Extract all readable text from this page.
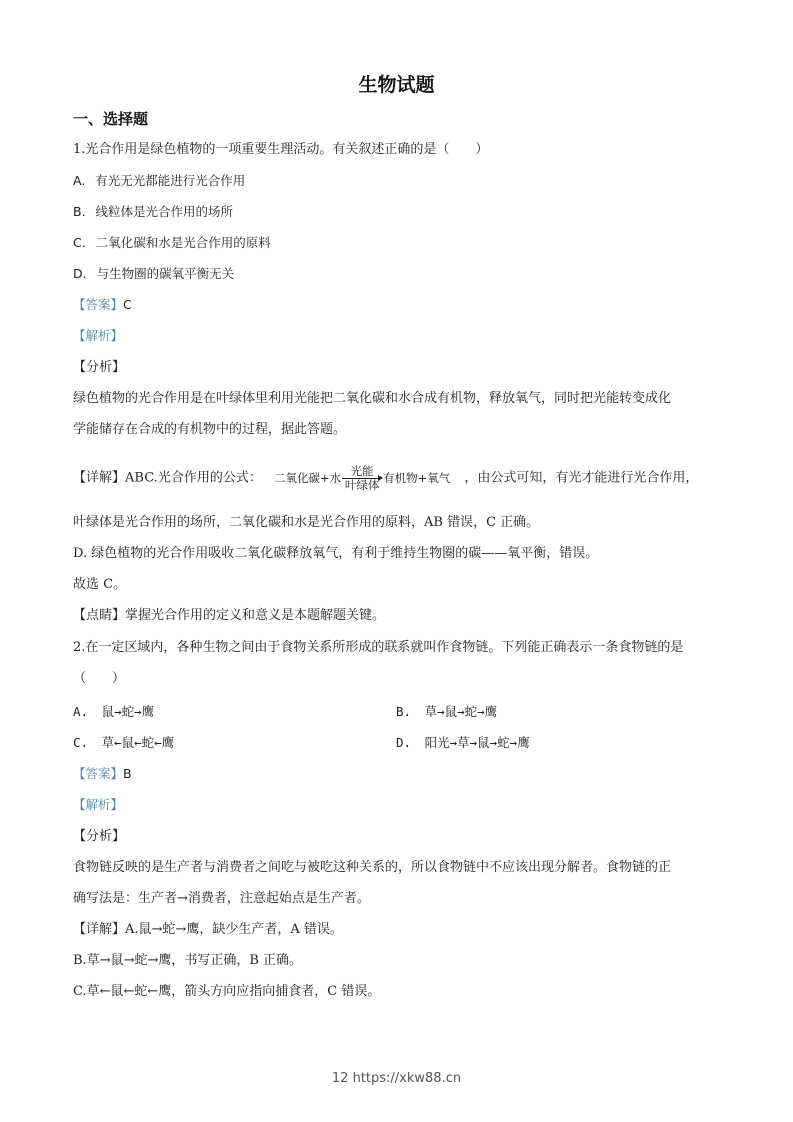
生物试题
一、选择题
1.光合作用是绿色植物的一项重要生理活动。有关叙述正确的是（　　）
A. 有光无光都能进行光合作用
B. 线粒体是光合作用的场所
C. 二氧化碳和水是光合作用的原料
D. 与生物圈的碳氧平衡无关
【答案】C
【解析】
【分析】
绿色植物的光合作用是在叶绿体里利用光能把二氧化碳和水合成有机物，释放氧气，同时把光能转变成化
学能储存在合成的有机物中的过程，据此答题。
【详解】ABC.光合作用的公式： 二氧化碳+水 $\frac{\text{光能}}{\text{叶绿体}}$ 有机物+氧气 ，由公式可知，有光才能进行光合作用，
叶绿体是光合作用的场所，二氧化碳和水是光合作用的原料，AB 错误，C 正确。
D. 绿色植物的光合作用吸收二氧化碳释放氧气，有利于维持生物圈的碳——氧平衡，错误。
故选 C。
【点睛】掌握光合作用的定义和意义是本题解题关键。
2.在一定区域内，各种生物之间由于食物关系所形成的联系就叫作食物链。下列能正确表示一条食物链的是
（　　）
A. 鼠→蛇→鹰	B. 草→鼠→蛇→鹰
C. 草←鼠←蛇←鹰	D. 阳光→草→鼠→蛇→鹰
【答案】B
【解析】
【分析】
食物链反映的是生产者与消费者之间吃与被吃这种关系的，所以食物链中不应该出现分解者。食物链的正
确写法是：生产者→消费者，注意起始点是生产者。
【详解】A.鼠→蛇→鹰，缺少生产者，A 错误。
B.草→鼠→蛇→鹰，书写正确，B 正确。
C.草←鼠←蛇←鹰，箭头方向应指向捕食者，C 错误。
12 https://xkw88.cn
